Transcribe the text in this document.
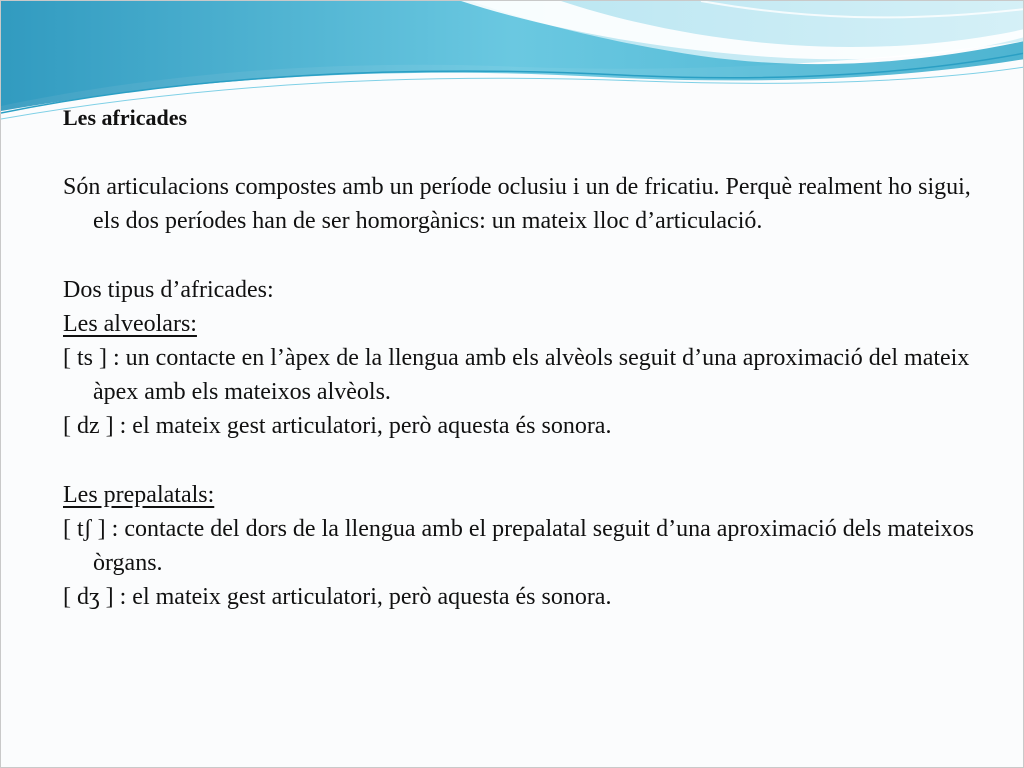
Les africades

Són articulacions compostes amb un període oclusiu i un de fricatiu. Perquè realment ho sigui, els dos períodes han de ser homorgànics: un mateix lloc d’articulació.

Dos tipus d’africades:

Les alveolars:

[ ts ] : un contacte en l’àpex de la llengua amb els alvèols seguit d’una aproximació del mateix àpex amb els mateixos alvèols.

[ dz ] : el mateix gest articulatori, però aquesta és sonora.

Les prepalatals:

[ tʃ ] : contacte del dors de la llengua amb el prepalatal seguit d’una aproximació dels mateixos òrgans.

[ dʒ ] : el mateix gest articulatori, però aquesta és sonora.
